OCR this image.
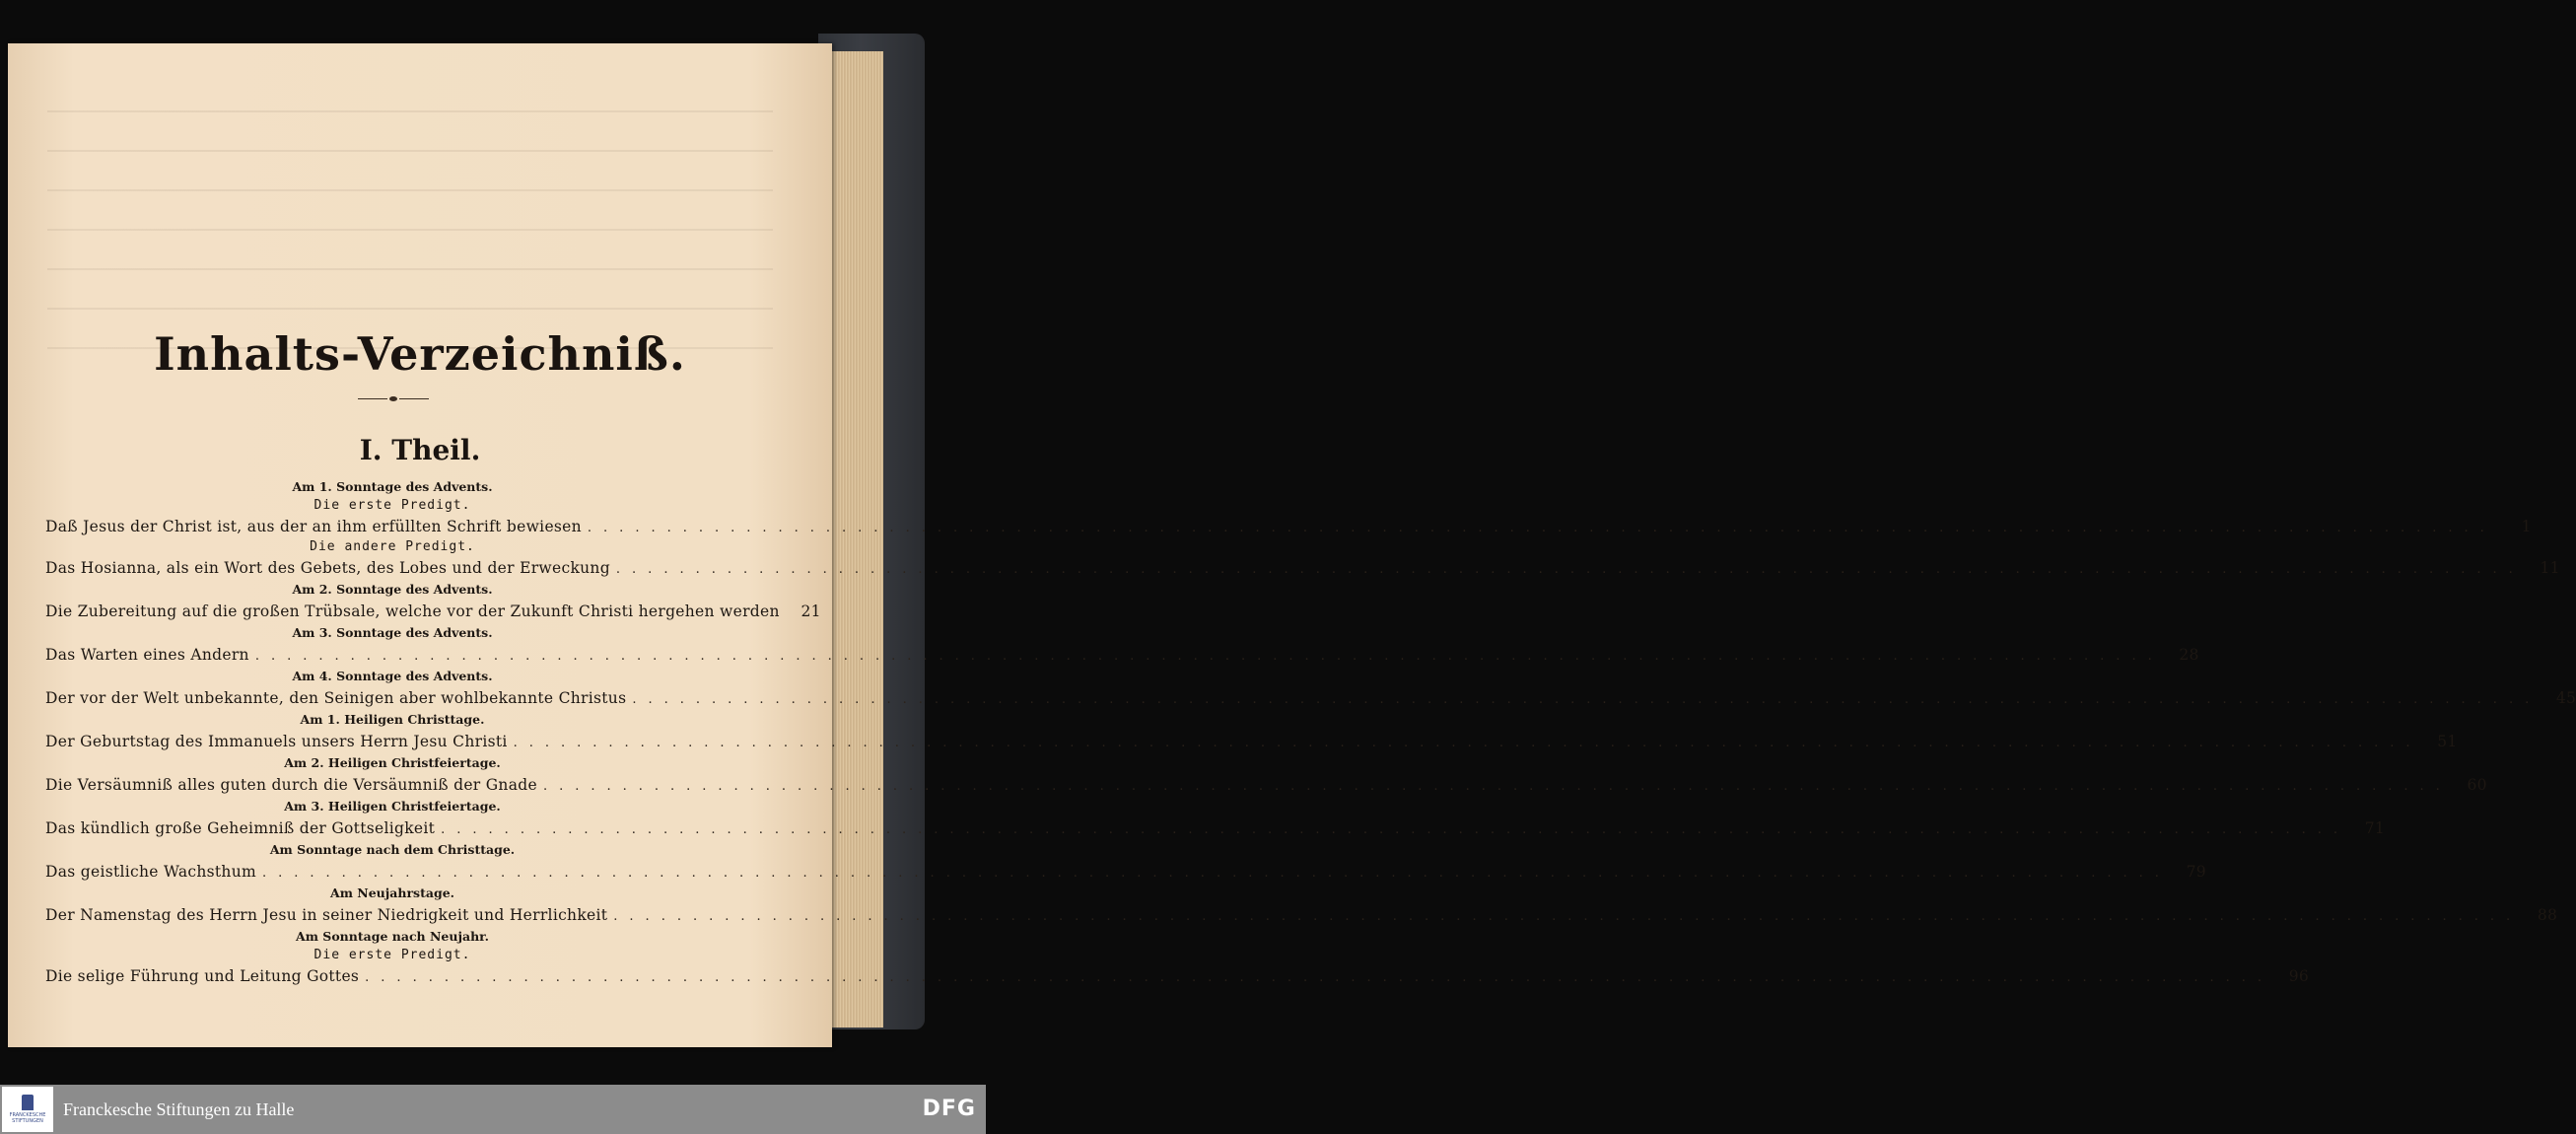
Inhalts-Verzeichniß.
I. Theil.
Am 1. Sonntage des Advents.
Die erste Predigt.
Daß Jesus der Christ ist, aus der an ihm erfüllten Schrift bewiesen ........................................................................................................................	1
Die andere Predigt.
Das Hosianna, als ein Wort des Gebets, des Lobes und der Erweckung ........................................................................................................................	11
Am 2. Sonntage des Advents.
Die Zubereitung auf die großen Trübsale, welche vor der Zukunft Christi hergehen werden	21
Am 3. Sonntage des Advents.
Das Warten eines Andern ........................................................................................................................	28
Am 4. Sonntage des Advents.
Der vor der Welt unbekannte, den Seinigen aber wohlbekannte Christus ........................................................................................................................	45
Am 1. Heiligen Christtage.
Der Geburtstag des Immanuels unsers Herrn Jesu Christi ........................................................................................................................	51
Am 2. Heiligen Christfeiertage.
Die Versäumniß alles guten durch die Versäumniß der Gnade ........................................................................................................................	60
Am 3. Heiligen Christfeiertage.
Das kündlich große Geheimniß der Gottseligkeit ........................................................................................................................	71
Am Sonntage nach dem Christtage.
Das geistliche Wachsthum ........................................................................................................................	79
Am Neujahrstage.
Der Namenstag des Herrn Jesu in seiner Niedrigkeit und Herrlichkeit ........................................................................................................................	88
Am Sonntage nach Neujahr.
Die erste Predigt.
Die selige Führung und Leitung Gottes ........................................................................................................................	96
FRANCKESCHE STIFTUNGEN
Franckesche Stiftungen zu Halle	DFG
